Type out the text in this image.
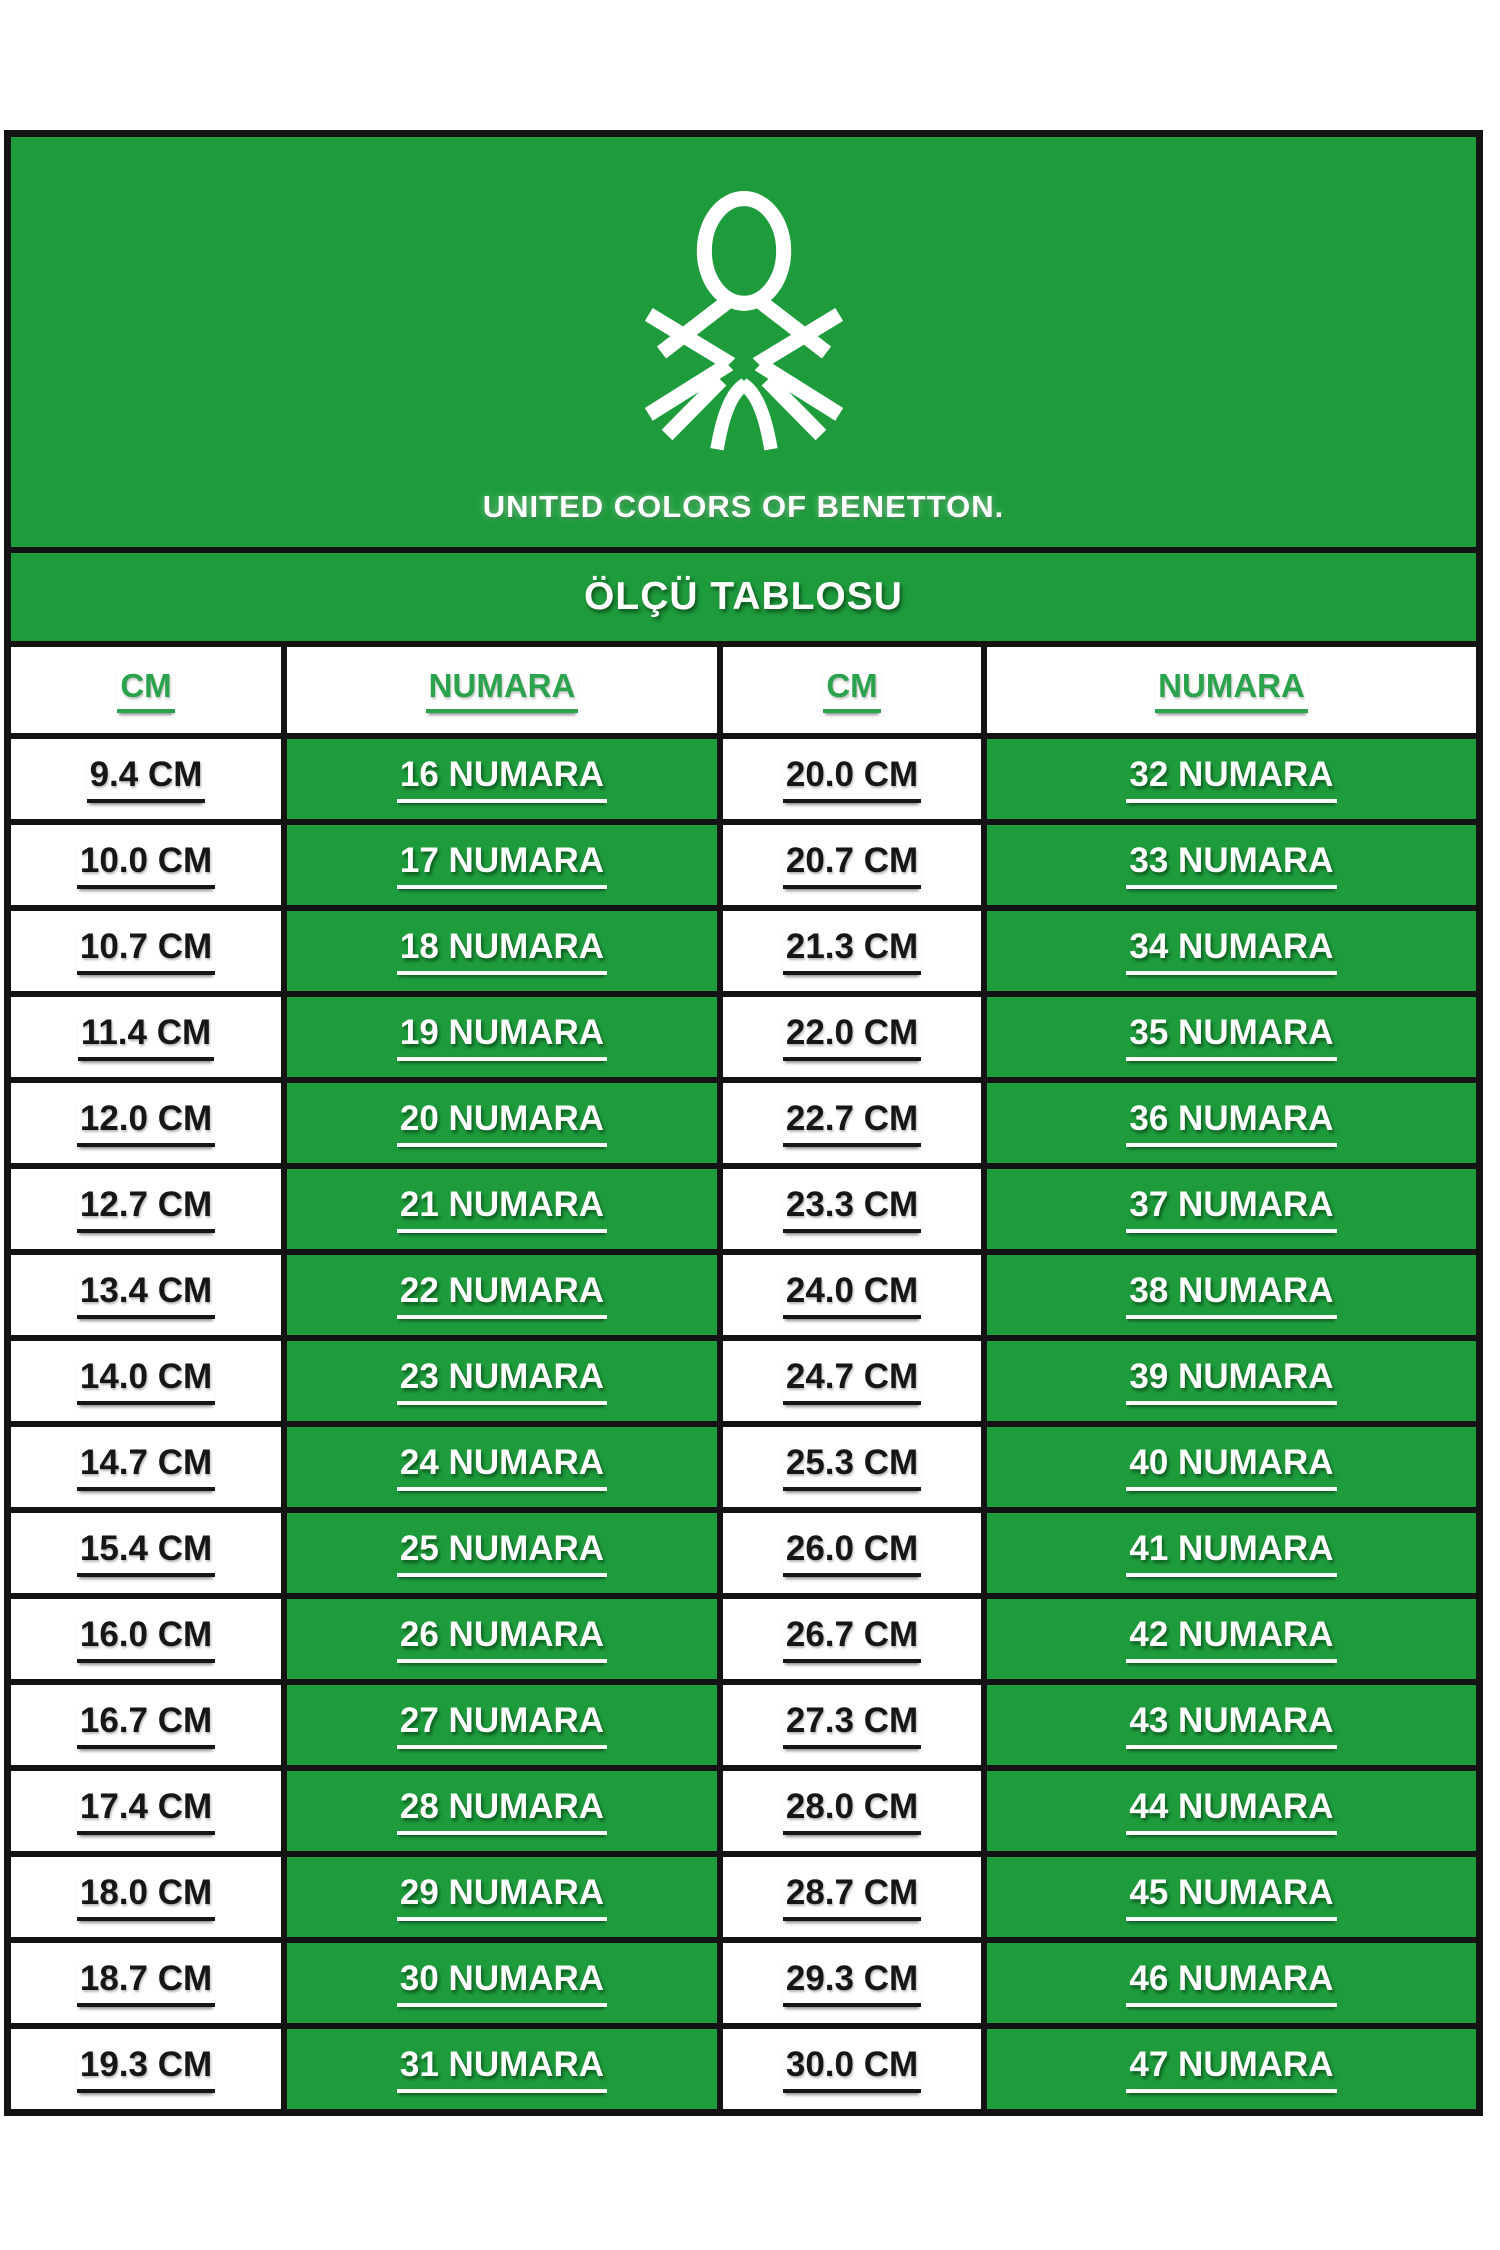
UNITED COLORS OF BENETTON.
ÖLÇÜ TABLOSU
CM	NUMARA	CM	NUMARA
9.4 CM	16 NUMARA	20.0 CM	32 NUMARA
10.0 CM	17 NUMARA	20.7 CM	33 NUMARA
10.7 CM	18 NUMARA	21.3 CM	34 NUMARA
11.4 CM	19 NUMARA	22.0 CM	35 NUMARA
12.0 CM	20 NUMARA	22.7 CM	36 NUMARA
12.7 CM	21 NUMARA	23.3 CM	37 NUMARA
13.4 CM	22 NUMARA	24.0 CM	38 NUMARA
14.0 CM	23 NUMARA	24.7 CM	39 NUMARA
14.7 CM	24 NUMARA	25.3 CM	40 NUMARA
15.4 CM	25 NUMARA	26.0 CM	41 NUMARA
16.0 CM	26 NUMARA	26.7 CM	42 NUMARA
16.7 CM	27 NUMARA	27.3 CM	43 NUMARA
17.4 CM	28 NUMARA	28.0 CM	44 NUMARA
18.0 CM	29 NUMARA	28.7 CM	45 NUMARA
18.7 CM	30 NUMARA	29.3 CM	46 NUMARA
19.3 CM	31 NUMARA	30.0 CM	47 NUMARA
